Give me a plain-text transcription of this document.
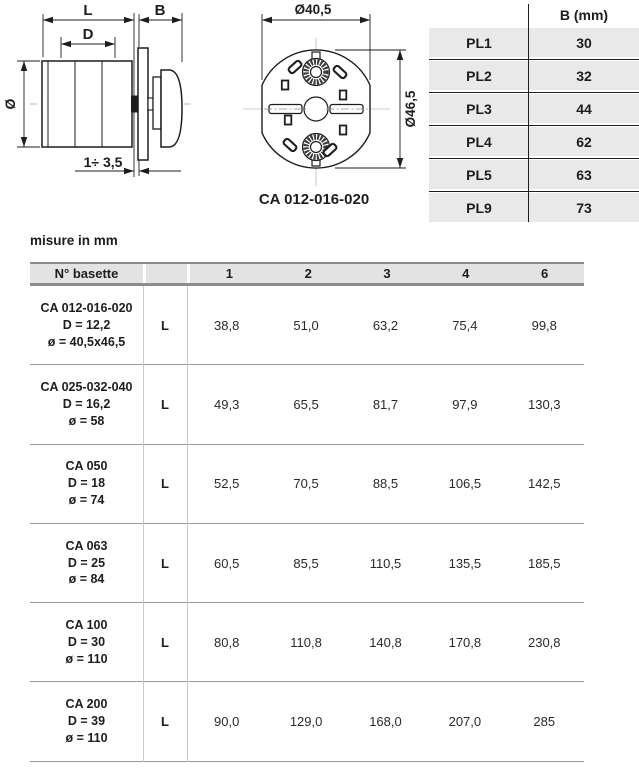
L	B
D
Ø
1÷ 3,5
Ø40,5
Ø46,5
CA 012-016-020
B (mm)
PL1	30
PL2	32
PL3	44
PL4	62
PL5	63
PL9	73
misure in mm
N° basette	1	2	3	4	6
CA 012-016-020
D = 12,2
ø = 40,5x46,5
L	38,8	51,0	63,2	75,4	99,8
CA 025-032-040
D = 16,2
ø = 58
L	49,3	65,5	81,7	97,9	130,3
CA 050
D = 18
ø = 74
L	52,5	70,5	88,5	106,5	142,5
CA 063
D = 25
ø = 84
L	60,5	85,5	110,5	135,5	185,5
CA 100
D = 30
ø = 110
L	80,8	110,8	140,8	170,8	230,8
CA 200
D = 39
ø = 110
L	90,0	129,0	168,0	207,0	285
